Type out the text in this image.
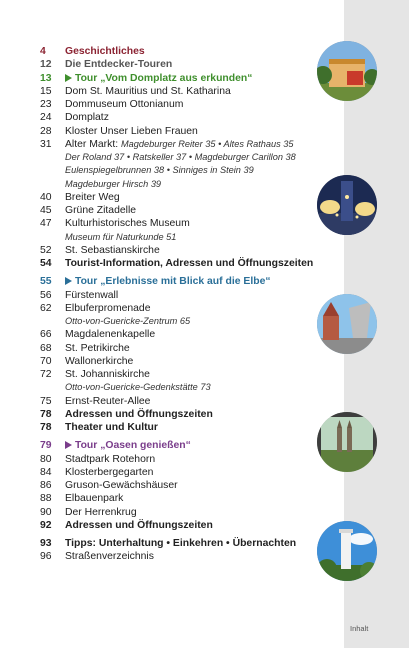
Inhalt
4	Geschichtliches
12	Die Entdecker-Touren
13	Tour „Vom Domplatz aus erkunden“
15	Dom St. Mauritius und St. Katharina
23	Dommuseum Ottonianum
24	Domplatz
28	Kloster Unser Lieben Frauen
31	Alter Markt: Magdeburger Reiter 35 • Altes Rathaus 35
Der Roland 37 • Ratskeller 37 • Magdeburger Carillon 38
Eulenspiegelbrunnen 38 • Sinniges in Stein 39
Magdeburger Hirsch 39
40	Breiter Weg
45	Grüne Zitadelle
47	Kulturhistorisches Museum
Museum für Naturkunde 51
52	St. Sebastianskirche
54	Tourist-Information, Adressen und Öffnungszeiten
55	Tour „Erlebnisse mit Blick auf die Elbe“
56	Fürstenwall
62	Elbuferpromenade
Otto-von-Guericke-Zentrum 65
66	Magdalenenkapelle
68	St. Petrikirche
70	Wallonerkirche
72	St. Johanniskirche
Otto-von-Guericke-Gedenkstätte 73
75	Ernst-Reuter-Allee
78	Adressen und Öffnungszeiten
78	Theater und Kultur
79	Tour „Oasen genießen“
80	Stadtpark Rotehorn
84	Klosterbergegarten
86	Gruson-Gewächshäuser
88	Elbauenpark
90	Der Herrenkrug
92	Adressen und Öffnungszeiten
93	Tipps: Unterhaltung • Einkehren • Übernachten
96	Straßenverzeichnis
